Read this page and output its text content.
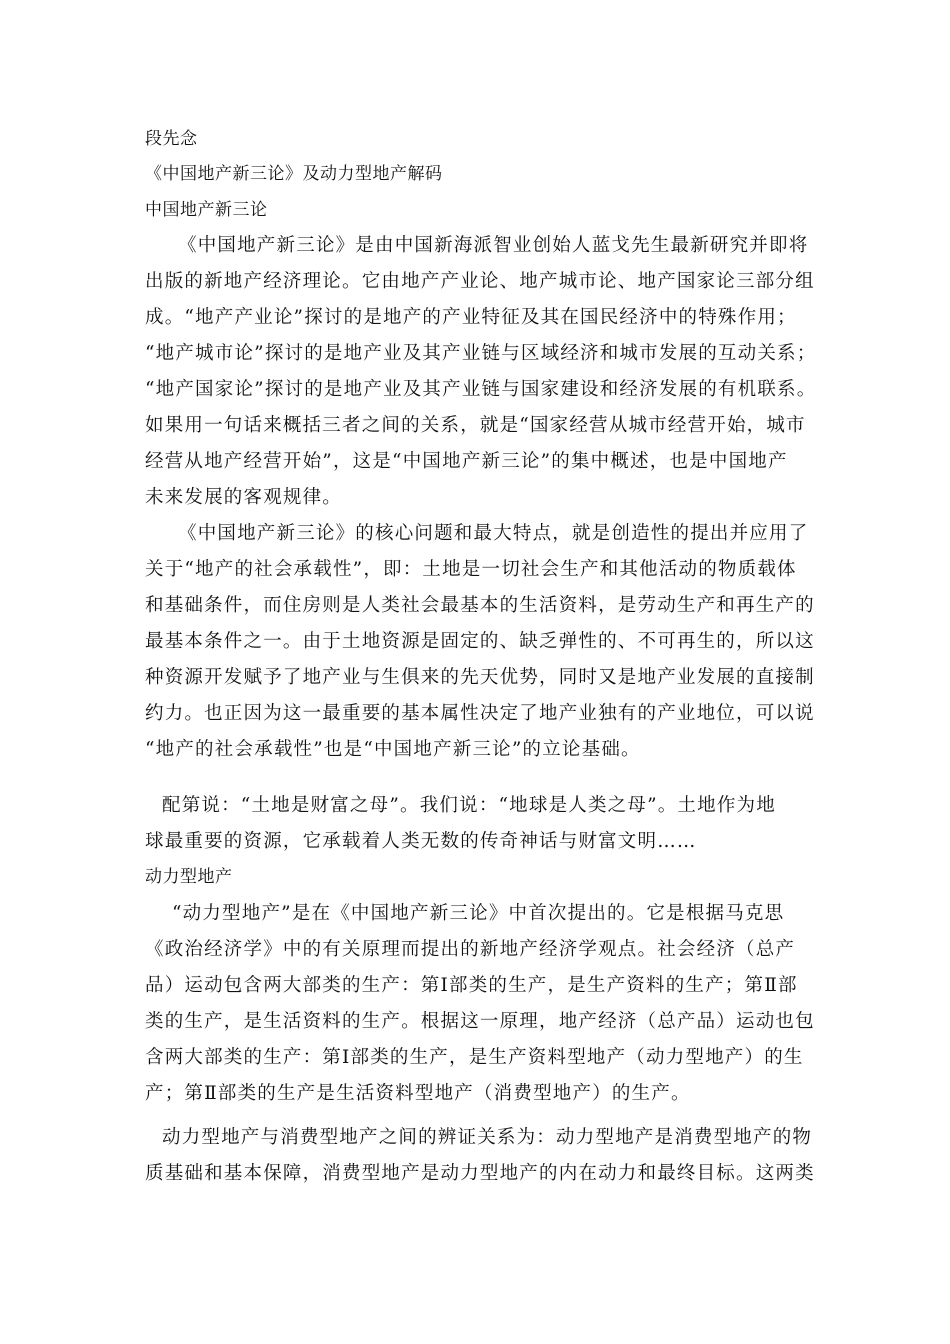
段先念
《中国地产新三论》及动力型地产解码
中国地产新三论
《中国地产新三论》是由中国新海派智业创始人蓝戈先生最新研究并即将
出版的新地产经济理论。它由地产产业论、地产城市论、地产国家论三部分组
成。“地产产业论”探讨的是地产的产业特征及其在国民经济中的特殊作用；
“地产城市论”探讨的是地产业及其产业链与区域经济和城市发展的互动关系；
“地产国家论”探讨的是地产业及其产业链与国家建设和经济发展的有机联系。
如果用一句话来概括三者之间的关系，就是“国家经营从城市经营开始，城市
经营从地产经营开始”，这是“中国地产新三论”的集中概述，也是中国地产
未来发展的客观规律。
《中国地产新三论》的核心问题和最大特点，就是创造性的提出并应用了
关于“地产的社会承载性”，即：土地是一切社会生产和其他活动的物质载体
和基础条件，而住房则是人类社会最基本的生活资料，是劳动生产和再生产的
最基本条件之一。由于土地资源是固定的、缺乏弹性的、不可再生的，所以这
种资源开发赋予了地产业与生俱来的先天优势，同时又是地产业发展的直接制
约力。也正因为这一最重要的基本属性决定了地产业独有的产业地位，可以说
“地产的社会承载性”也是“中国地产新三论”的立论基础。
配第说：“土地是财富之母”。我们说：“地球是人类之母”。土地作为地
球最重要的资源，它承载着人类无数的传奇神话与财富文明……
动力型地产
“动力型地产”是在《中国地产新三论》中首次提出的。它是根据马克思
《政治经济学》中的有关原理而提出的新地产经济学观点。社会经济（总产
品）运动包含两大部类的生产：第Ⅰ部类的生产，是生产资料的生产；第Ⅱ部
类的生产，是生活资料的生产。根据这一原理，地产经济（总产品）运动也包
含两大部类的生产：第Ⅰ部类的生产，是生产资料型地产（动力型地产）的生
产；第Ⅱ部类的生产是生活资料型地产（消费型地产）的生产。
动力型地产与消费型地产之间的辨证关系为：动力型地产是消费型地产的物
质基础和基本保障，消费型地产是动力型地产的内在动力和最终目标。这两类
